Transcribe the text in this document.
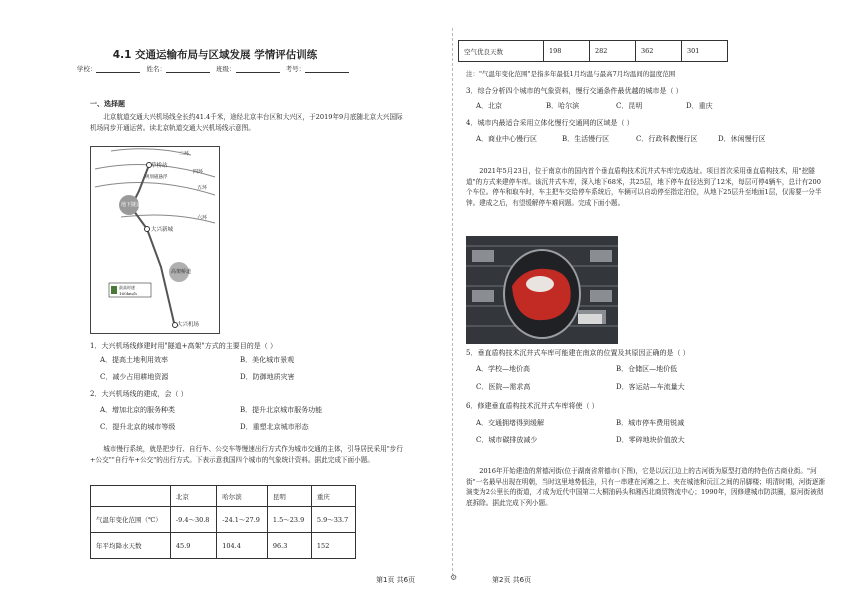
4.1 交通运输布局与区域发展 学情评估训练
学校：	姓名：	班级：	考号：
一、选择题
北京航道交通大兴机场线全长约41.4千米，途经北京丰台区和大兴区，于2019年9月底随北京大兴国际机场同步开通运营。读北京轨道交通大兴机场线示意图。
二环
草桥站
四环
五环
规划磁悬浮
地下隧道
六环
大兴新城
高架桥道
最高时速
160km/h
大兴机场
1．大兴机场线修建时用"隧道+高架"方式的主要目的是（ ）
A．提高土地利用效率	B．美化城市景观
C．减少占用耕地资源	D．防御地质灾害
2．大兴机场线的建成，会（ ）
A．增加北京的服务种类	B．提升北京城市服务功能
C．提升北京的城市等级	D．重塑北京城市形态
城市慢行系统，就是把步行、自行车、公交车等慢速出行方式作为城市交通的主体，引导居民采用"步行+公交""自行车+公交"的出行方式。下表示意我国四个城市的气象统计资料。据此完成下面小题。
	北京	哈尔滨	昆明	重庆
气温年变化范围（℃）	-9.4～30.8	-24.1～27.9	1.5～23.9	5.9～33.7
年平均降水天数	45.9	104.4	96.3	152
第1页 共6页	⚙
空气优良天数	198	282	362	301
注："气温年变化范围"是指多年最低1月均温与最高7月均温间的温度范围
3．综合分析四个城市的气象资料，慢行交通条件最优越的城市是（ ）
A．北京	B．哈尔滨	C．昆明	D．重庆
4．城市内最适合采用立体化慢行交通网的区域是（ ）
A．商业中心慢行区	B．生活慢行区	C．行政科教慢行区	D．休闲慢行区
2021年5月23日，位于南京市的国内首个垂直盾构技术沉井式车库完成选址。项目首次采用垂直盾构技术，用"挖隧道"的方式来建停车库。该沉井式车库，深入地下68米，共25层，地下停车直径达到了12米，每层可停4辆车，总计有200个车位。停车和取车时，车主把车交给停车系统后，车辆可以自动停至指定泊位，从地下25层升至地面1层，仅需要一分半钟。建成之后，有望缓解停车难问题。完成下面小题。
5．垂直盾构技术沉井式车库可能建在南京的位置及其原因正确的是（ ）
A．学校—地价高	B．仓储区—地价低
C．医院—需求高	D．客运站—车流量大
6．修建垂直盾构技术沉井式车库将使（ ）
A．交通拥堵得到缓解	B．城市停车费用锐减
C．城市碳排放减少	D．零碎地块价值放大
2016年开始建造的常德河街(位于湖南省常德市(下图)，它是以沅江边上的古河街为原型打造的特色仿古商业街。"河街"一名最早出现在明朝，当时这里地势低洼，只有一串建在河滩之上、夹在城池和沅江之间的吊脚楼；明清时期，河街逐渐演变为2公里长的街道，才成为近代中国第二大桐油码头和湘西北商贸物流中心；1990年，因修建城市防洪圈，原河街被彻底拆除。据此完成下列小题。
第2页 共6页
